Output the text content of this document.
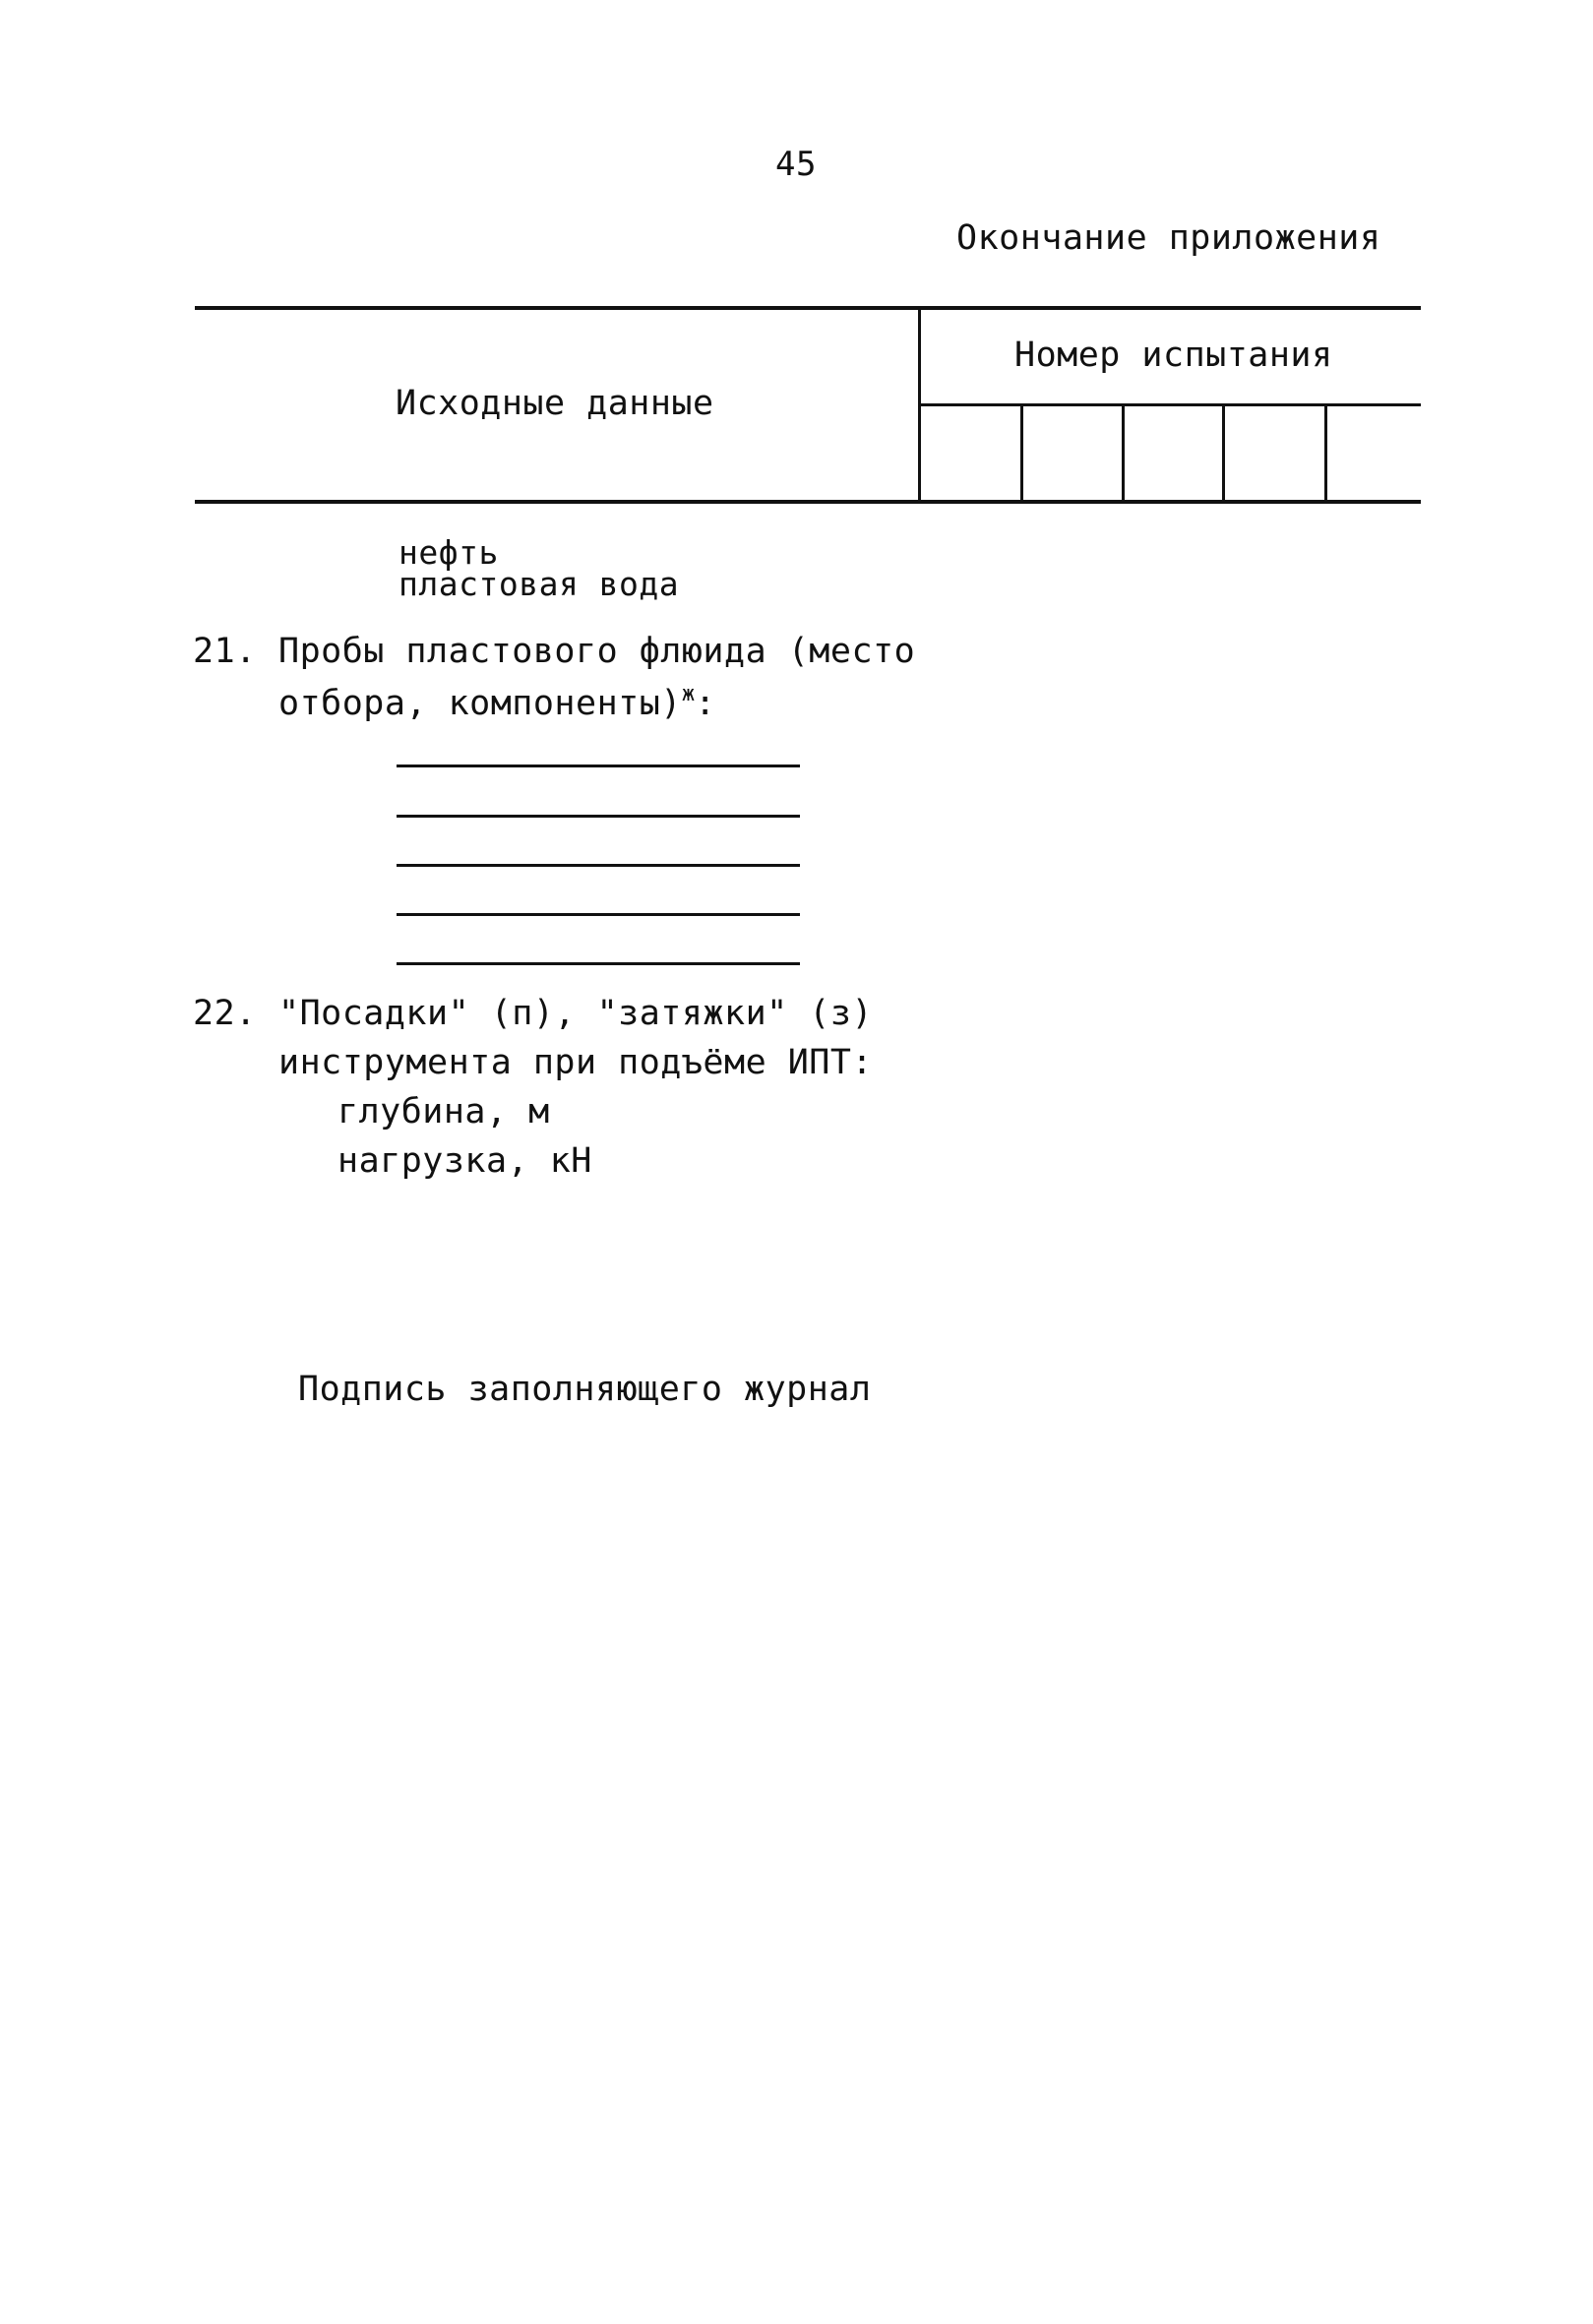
45
Окончание приложения
Исходные данные
Номер испытания
нефть
пластовая вода
21. Пробы пластового флюида (место
отбора, компоненты)$^ж$:
22. "Посадки" (п), "затяжки" (з)
инструмента при подъёме ИПТ:
глубина, м
нагрузка, кН
Подпись заполняющего журнал
